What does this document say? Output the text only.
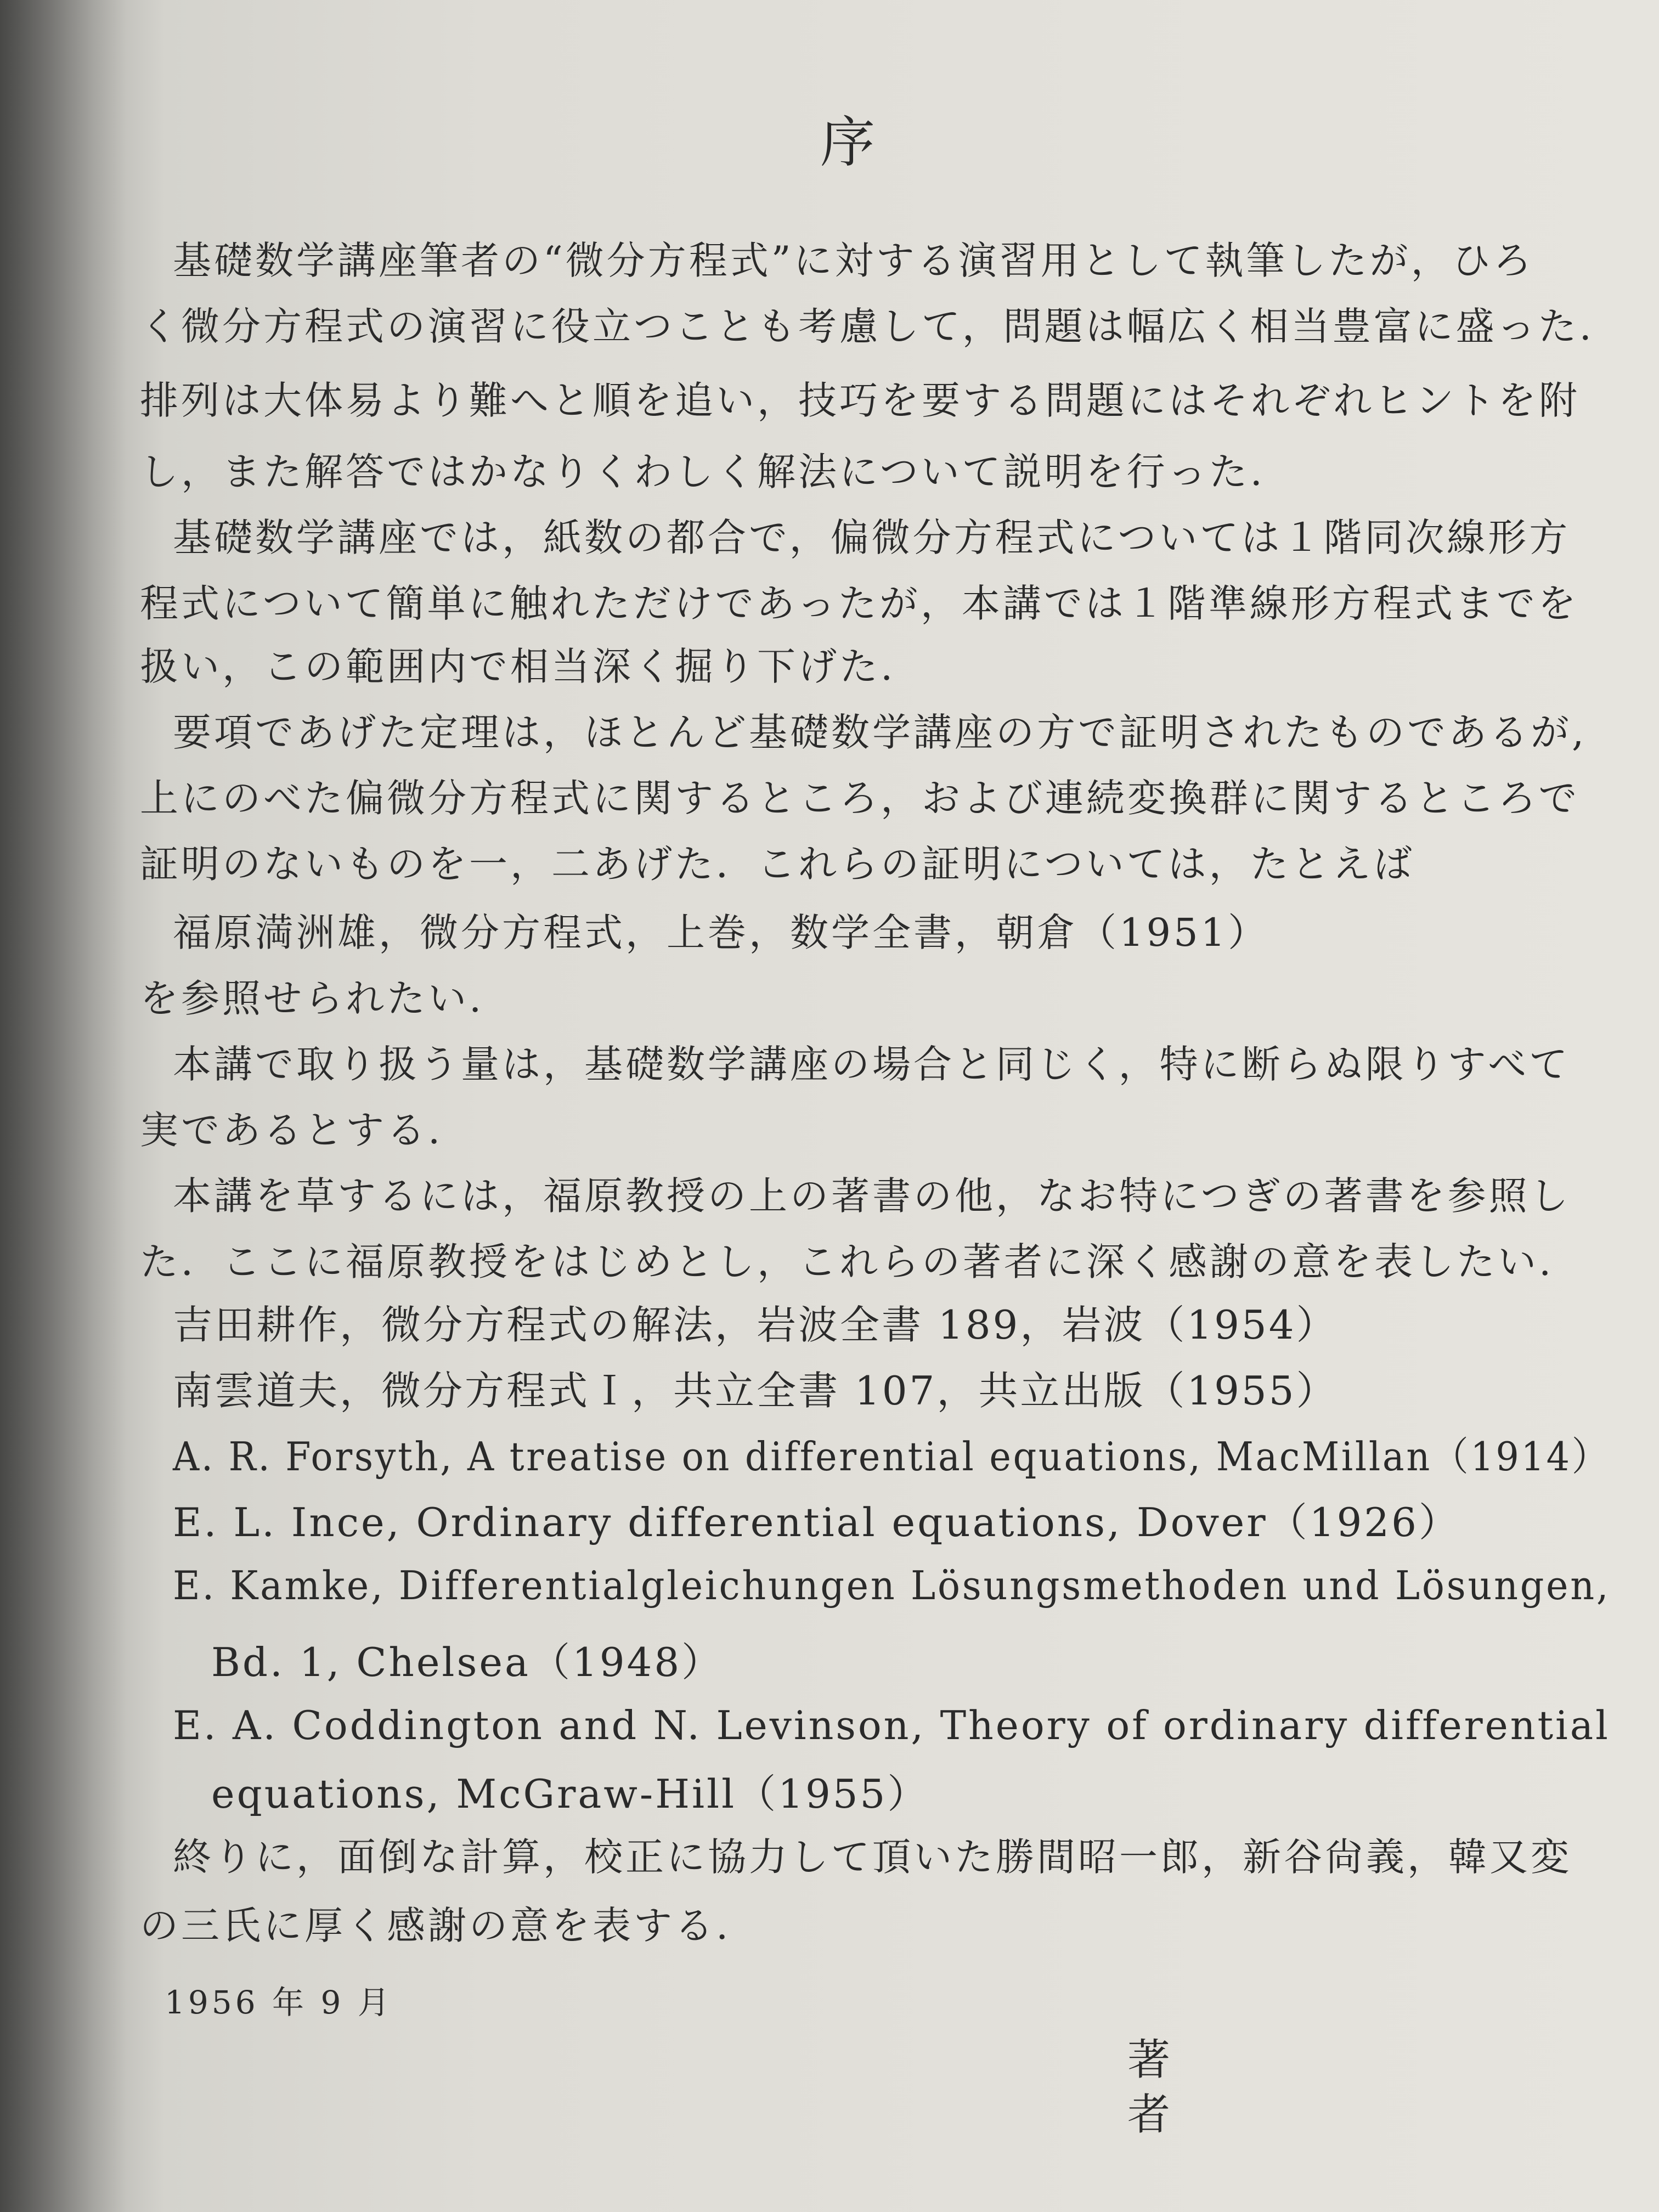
序
基礎数学講座筆者の“微分方程式”に対する演習用として執筆したが，ひろ
く微分方程式の演習に役立つことも考慮して，問題は幅広く相当豊富に盛った.
排列は大体易より難へと順を追い，技巧を要する問題にはそれぞれヒントを附
し，また解答ではかなりくわしく解法について説明を行った.
基礎数学講座では，紙数の都合で，偏微分方程式については１階同次線形方
程式について簡単に触れただけであったが，本講では１階準線形方程式までを
扱い，この範囲内で相当深く掘り下げた.
要項であげた定理は，ほとんど基礎数学講座の方で証明されたものであるが,
上にのべた偏微分方程式に関するところ，および連続変換群に関するところで
証明のないものを一，二あげた．これらの証明については，たとえば
福原満洲雄，微分方程式，上巻，数学全書，朝倉（1951）
を参照せられたい.
本講で取り扱う量は，基礎数学講座の場合と同じく，特に断らぬ限りすべて
実であるとする.
本講を草するには，福原教授の上の著書の他，なお特につぎの著書を参照し
た．ここに福原教授をはじめとし，これらの著者に深く感謝の意を表したい.
吉田耕作，微分方程式の解法，岩波全書 189，岩波（1954）
南雲道夫，微分方程式Ｉ，共立全書 107，共立出版（1955）
A. R. Forsyth, A treatise on differential equations, MacMillan（1914）
E. L. Ince, Ordinary differential equations, Dover（1926）
E. Kamke, Differentialgleichungen Lösungsmethoden und Lösungen,
Bd. 1, Chelsea（1948）
E. A. Coddington and N. Levinson, Theory of ordinary differential
equations, McGraw-Hill（1955）
終りに，面倒な計算，校正に協力して頂いた勝間昭一郎，新谷尙義，韓又変
の三氏に厚く感謝の意を表する.
1956 年 9 月
著者
